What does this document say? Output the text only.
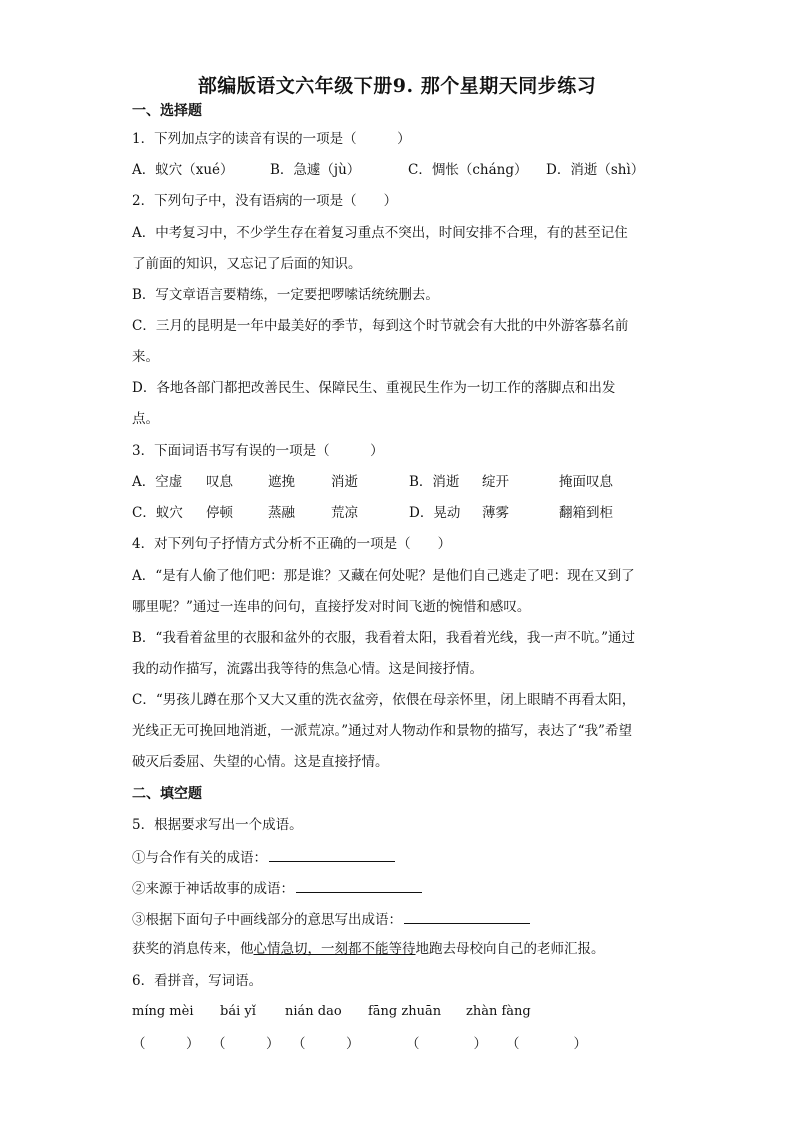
部编版语文六年级下册9. 那个星期天同步练习
一、选择题
1．下列加点字的读音有误的一项是（　　　）
A．蚁穴（xué）	B．急遽（jù）	C．惆怅（cháng） D．消逝（shì）
2．下列句子中，没有语病的一项是（　　）
A．中考复习中，不少学生存在着复习重点不突出，时间安排不合理，有的甚至记住
了前面的知识，又忘记了后面的知识。
B．写文章语言要精练，一定要把啰嗦话统统删去。
C．三月的昆明是一年中最美好的季节，每到这个时节就会有大批的中外游客慕名前
来。
D．各地各部门都把改善民生、保障民生、重视民生作为一切工作的落脚点和出发
点。
3．下面词语书写有误的一项是（　　　）
A．空虚 叹息	遮挽	消逝	B．消逝 绽开	掩面叹息
C．蚁穴 停顿	蒸融	荒凉	D．晃动 薄雾	翻箱到柜
4．对下列句子抒情方式分析不正确的一项是（　　）
A．“是有人偷了他们吧：那是谁？又藏在何处呢？是他们自己逃走了吧：现在又到了
哪里呢？”通过一连串的问句，直接抒发对时间飞逝的惋惜和感叹。
B．“我看着盆里的衣服和盆外的衣服，我看着太阳，我看着光线，我一声不吭。”通过
我的动作描写，流露出我等待的焦急心情。这是间接抒情。
C．“男孩儿蹲在那个又大又重的洗衣盆旁，依偎在母亲怀里，闭上眼睛不再看太阳，
光线正无可挽回地消逝，一派荒凉。”通过对人物动作和景物的描写，表达了“我”希望
破灭后委屈、失望的心情。这是直接抒情。
二、填空题
5．根据要求写出一个成语。
①与合作有关的成语：
②来源于神话故事的成语：
③根据下面句子中画线部分的意思写出成语：
获奖的消息传来，他心情急切，一刻都不能等待地跑去母校向自己的老师汇报。
6．看拼音，写词语。
míng mèi bái yǐ nián dao fāng zhuān zhàn fàng
（　　　） （　　　） （　　　）	（　　　　） （　　　　）
